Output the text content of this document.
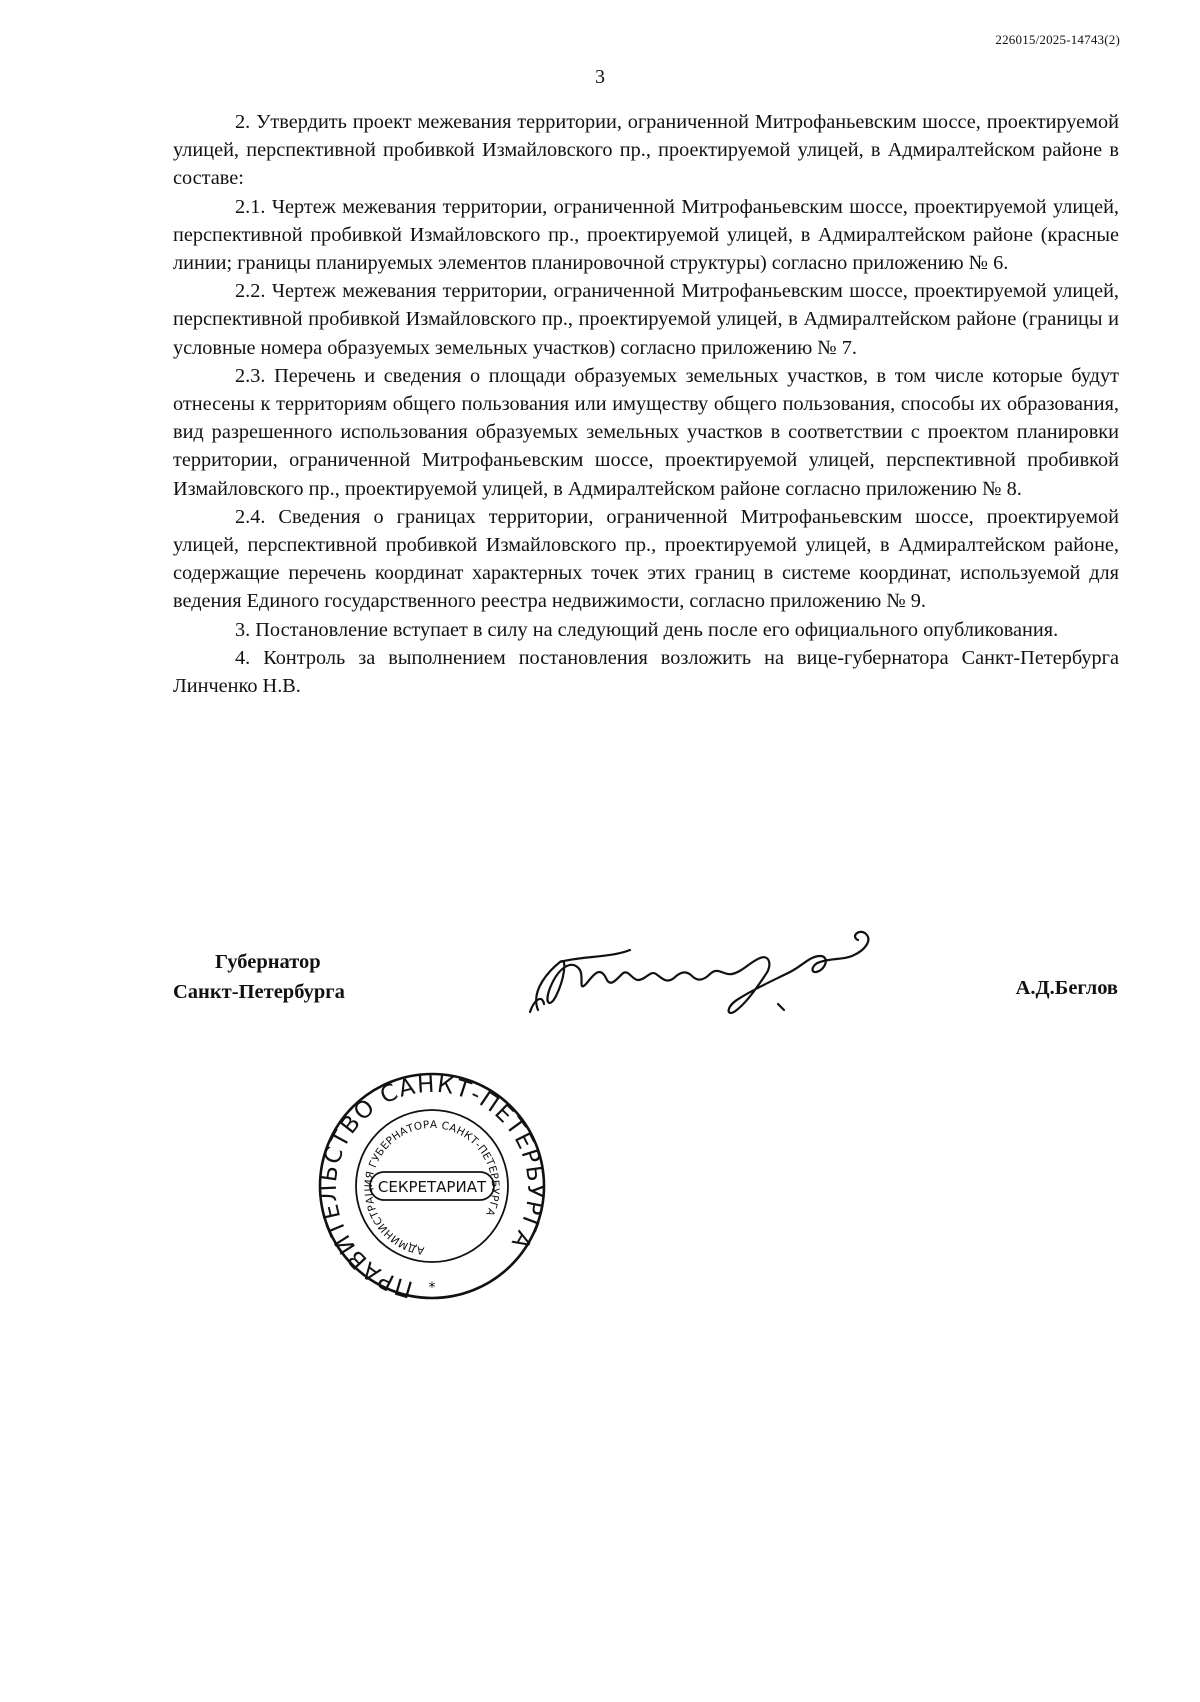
226015/2025-14743(2)
3

2. Утвердить проект межевания территории, ограниченной Митрофаньевским шоссе, проектируемой улицей, перспективной пробивкой Измайловского пр., проектируемой улицей, в Адмиралтейском районе в составе:

2.1. Чертеж межевания территории, ограниченной Митрофаньевским шоссе, проектируемой улицей, перспективной пробивкой Измайловского пр., проектируемой улицей, в Адмиралтейском районе (красные линии; границы планируемых элементов планировочной структуры) согласно приложению № 6.

2.2. Чертеж межевания территории, ограниченной Митрофаньевским шоссе, проектируемой улицей, перспективной пробивкой Измайловского пр., проектируемой улицей, в Адмиралтейском районе (границы и условные номера образуемых земельных участков) согласно приложению № 7.

2.3. Перечень и сведения о площади образуемых земельных участков, в том числе которые будут отнесены к территориям общего пользования или имуществу общего пользования, способы их образования, вид разрешенного использования образуемых земельных участков в соответствии с проектом планировки территории, ограниченной Митрофаньевским шоссе, проектируемой улицей, перспективной пробивкой Измайловского пр., проектируемой улицей, в Адмиралтейском районе согласно приложению № 8.

2.4. Сведения о границах территории, ограниченной Митрофаньевским шоссе, проектируемой улицей, перспективной пробивкой Измайловского пр., проектируемой улицей, в Адмиралтейском районе, содержащие перечень координат характерных точек этих границ в системе координат, используемой для ведения Единого государственного реестра недвижимости, согласно приложению № 9.

3. Постановление вступает в силу на следующий день после его официального опубликования.

4. Контроль за выполнением постановления возложить на вице-губернатора Санкт-Петербурга Линченко Н.В.

Губернатор
Санкт-Петербурга	А.Д.Беглов
ПРАВИТЕЛЬСТВО САНКТ-ПЕТЕРБУРГА
АДМИНИСТРАЦИЯ ГУБЕРНАТОРА САНКТ-ПЕТЕРБУРГА
СЕКРЕТАРИАТ
*
